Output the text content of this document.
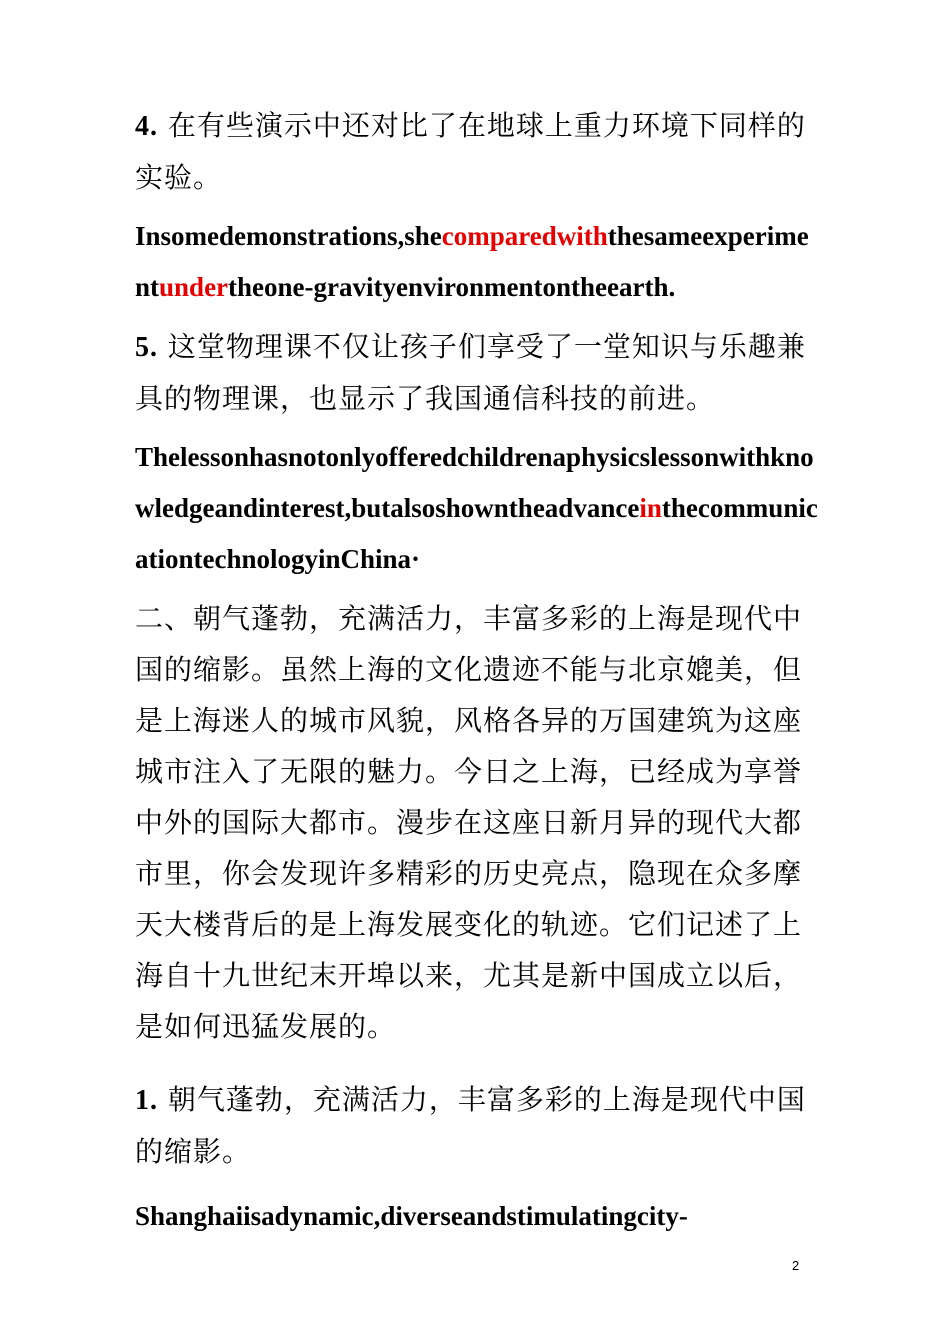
4. 在有些演示中还对比了在地球上重力环境下同样的实验。

Insomedemonstrations,shecomparedwiththesameexperimentundertheone-gravityenvironmentontheearth.

5. 这堂物理课不仅让孩子们享受了一堂知识与乐趣兼具的物理课，也显示了我国通信科技的前进。

Thelessonhasnotonlyofferedchildrenaphysicslessonwithknowledgeandinterest,butalsoshowntheadvanceinthecommunicationtechnologyinChina·

二、朝气蓬勃，充满活力，丰富多彩的上海是现代中国的缩影。虽然上海的文化遗迹不能与北京媲美，但是上海迷人的城市风貌，风格各异的万国建筑为这座城市注入了无限的魅力。今日之上海，已经成为享誉中外的国际大都市。漫步在这座日新月异的现代大都市里，你会发现许多精彩的历史亮点，隐现在众多摩天大楼背后的是上海发展变化的轨迹。它们记述了上海自十九世纪末开埠以来，尤其是新中国成立以后，是如何迅猛发展的。

1. 朝气蓬勃，充满活力，丰富多彩的上海是现代中国的缩影。

Shanghaiisadynamic,diverseandstimulatingcity-

2
